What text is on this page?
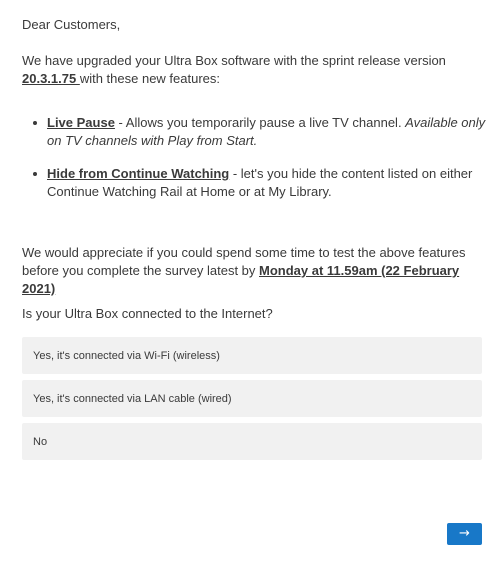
Dear Customers,

We have upgraded your Ultra Box software with the sprint release version 20.3.1.75 with these new features:

Live Pause - Allows you temporarily pause a live TV channel. Available only on TV channels with Play from Start.
Hide from Continue Watching - let's you hide the content listed on either Continue Watching Rail at Home or at My Library.

We would appreciate if you could spend some time to test the above features before you complete the survey latest by Monday at 11.59am (22 February 2021)

Is your Ultra Box connected to the Internet?

Yes, it's connected via Wi-Fi (wireless)
Yes, it's connected via LAN cable (wired)
No
→
